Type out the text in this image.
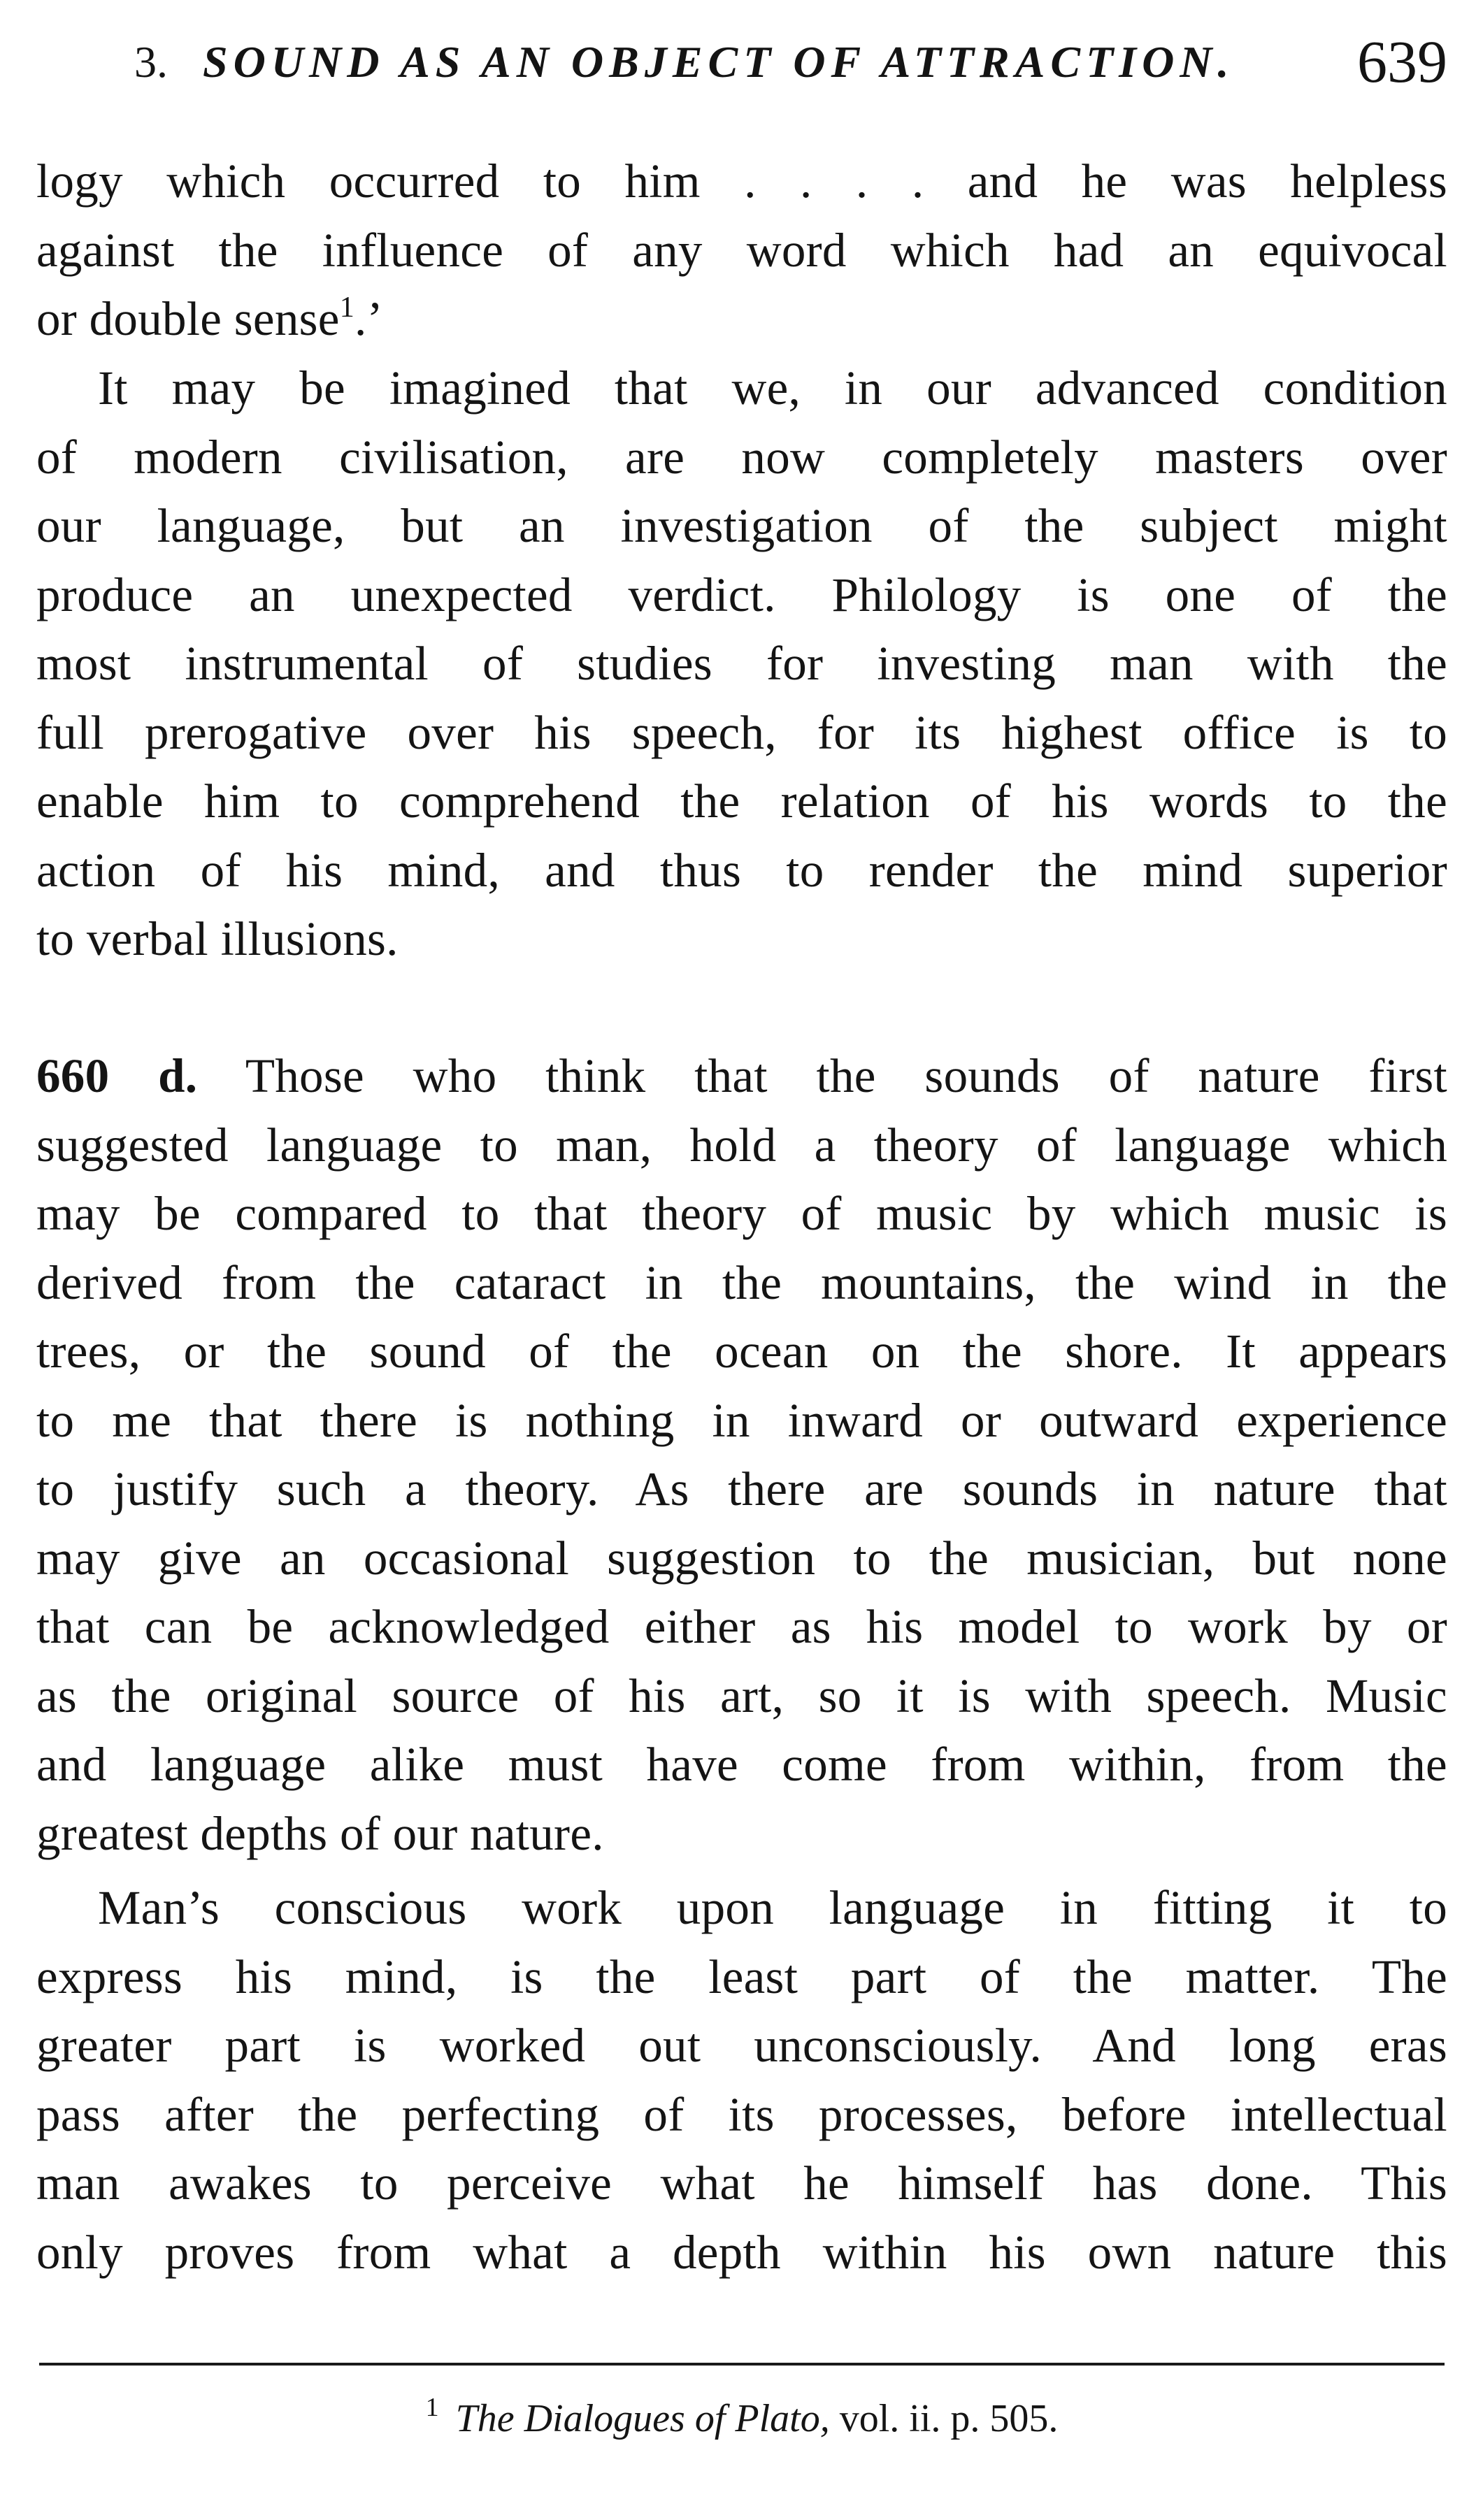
3. SOUND AS AN OBJECT OF ATTRACTION. 639

logy which occurred to him . . . . and he was helpless

against the influence of any word which had an equivocal

or double sense$^1$.’

It may be imagined that we, in our advanced condition

of modern civilisation, are now completely masters over

our language, but an investigation of the subject might

produce an unexpected verdict. Philology is one of the

most instrumental of studies for investing man with the

full prerogative over his speech, for its highest office is to

enable him to comprehend the relation of his words to the

action of his mind, and thus to render the mind superior

to verbal illusions.

660 d. Those who think that the sounds of nature first

suggested language to man, hold a theory of language which

may be compared to that theory of music by which music is

derived from the cataract in the mountains, the wind in the

trees, or the sound of the ocean on the shore. It appears

to me that there is nothing in inward or outward experience

to justify such a theory. As there are sounds in nature that

may give an occasional suggestion to the musician, but none

that can be acknowledged either as his model to work by or

as the original source of his art, so it is with speech. Music

and language alike must have come from within, from the

greatest depths of our nature.

Man’s conscious work upon language in fitting it to

express his mind, is the least part of the matter. The

greater part is worked out unconsciously. And long eras

pass after the perfecting of its processes, before intellectual

man awakes to perceive what he himself has done. This

only proves from what a depth within his own nature this

$^1$ The Dialogues of Plato, vol. ii. p. 505.
